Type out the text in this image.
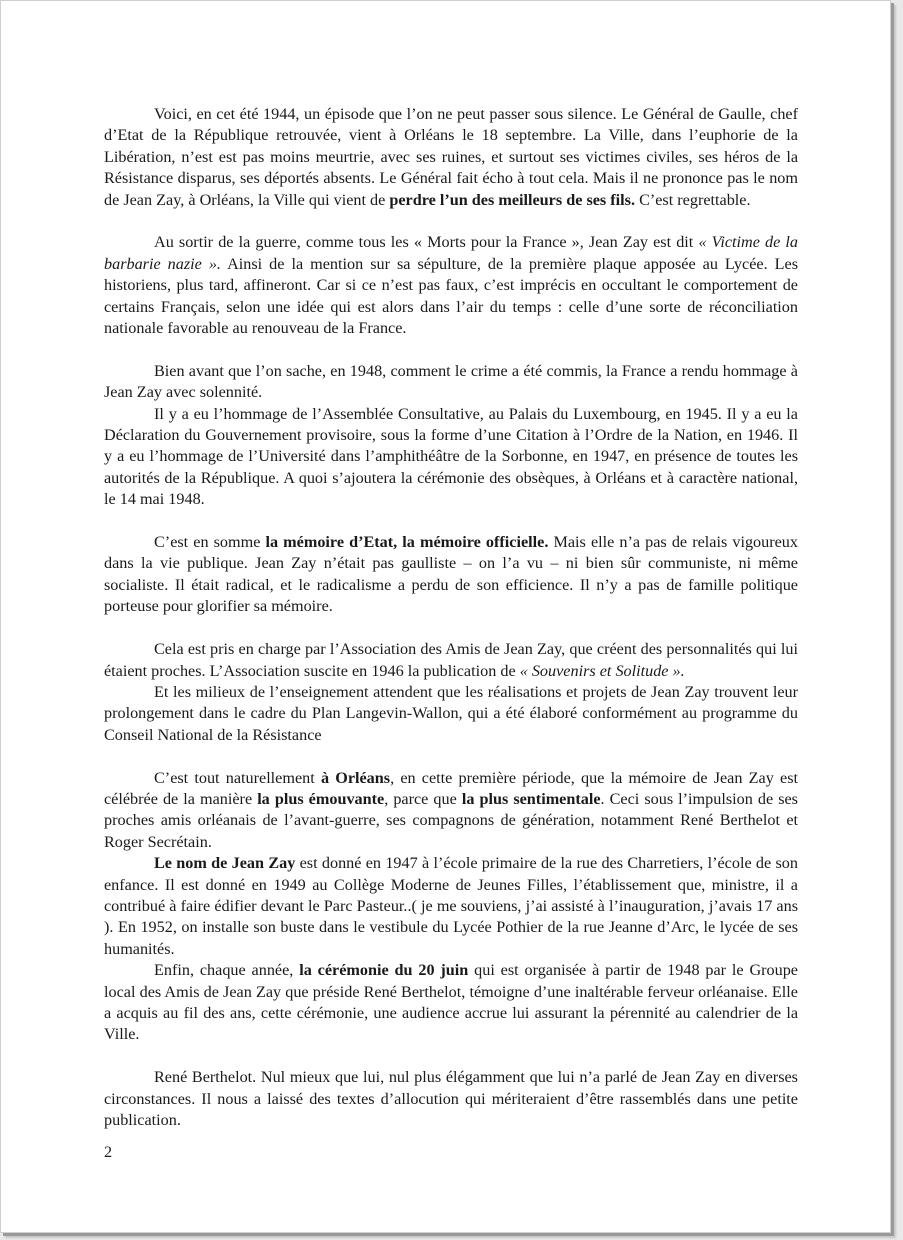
Voici, en cet été 1944, un épisode que l’on ne peut passer sous silence. Le Général de Gaulle, chef d’Etat de la République retrouvée, vient à Orléans le 18 septembre. La Ville, dans l’euphorie de la Libération, n’est est pas moins meurtrie, avec ses ruines, et surtout ses victimes civiles, ses héros de la Résistance disparus, ses déportés absents. Le Général fait écho à tout cela. Mais il ne prononce pas le nom de Jean Zay, à Orléans, la Ville qui vient de perdre l’un des meilleurs de ses fils. C’est regrettable.

Au sortir de la guerre, comme tous les « Morts pour la France », Jean Zay est dit « Victime de la barbarie nazie ». Ainsi de la mention sur sa sépulture, de la première plaque apposée au Lycée. Les historiens, plus tard, affineront. Car si ce n’est pas faux, c’est imprécis en occultant le comportement de certains Français, selon une idée qui est alors dans l’air du temps : celle d’une sorte de réconciliation nationale favorable au renouveau de la France.

Bien avant que l’on sache, en 1948, comment le crime a été commis, la France a rendu hommage à Jean Zay avec solennité.

Il y a eu l’hommage de l’Assemblée Consultative, au Palais du Luxembourg, en 1945. Il y a eu la Déclaration du Gouvernement provisoire, sous la forme d’une Citation à l’Ordre de la Nation, en 1946. Il y a eu l’hommage de l’Université dans l’amphithéâtre de la Sorbonne, en 1947, en présence de toutes les autorités de la République. A quoi s’ajoutera la cérémonie des obsèques, à Orléans et à caractère national, le 14 mai 1948.

C’est en somme la mémoire d’Etat, la mémoire officielle. Mais elle n’a pas de relais vigoureux dans la vie publique. Jean Zay n’était pas gaulliste – on l’a vu – ni bien sûr communiste, ni même socialiste. Il était radical, et le radicalisme a perdu de son efficience. Il n’y a pas de famille politique porteuse pour glorifier sa mémoire.

Cela est pris en charge par l’Association des Amis de Jean Zay, que créent des personnalités qui lui étaient proches. L’Association suscite en 1946 la publication de « Souvenirs et Solitude ».

Et les milieux de l’enseignement attendent que les réalisations et projets de Jean Zay trouvent leur prolongement dans le cadre du Plan Langevin-Wallon, qui a été élaboré conformément au programme du Conseil National de la Résistance

C’est tout naturellement à Orléans, en cette première période, que la mémoire de Jean Zay est célébrée de la manière la plus émouvante, parce que la plus sentimentale. Ceci sous l’impulsion de ses proches amis orléanais de l’avant-guerre, ses compagnons de génération, notamment René Berthelot et Roger Secrétain.

Le nom de Jean Zay est donné en 1947 à l’école primaire de la rue des Charretiers, l’école de son enfance. Il est donné en 1949 au Collège Moderne de Jeunes Filles, l’établissement que, ministre, il a contribué à faire édifier devant le Parc Pasteur..( je me souviens, j’ai assisté à l’inauguration, j’avais 17 ans ). En 1952, on installe son buste dans le vestibule du Lycée Pothier de la rue Jeanne d’Arc, le lycée de ses humanités.

Enfin, chaque année, la cérémonie du 20 juin qui est organisée à partir de 1948 par le Groupe local des Amis de Jean Zay que préside René Berthelot, témoigne d’une inaltérable ferveur orléanaise. Elle a acquis au fil des ans, cette cérémonie, une audience accrue lui assurant la pérennité au calendrier de la Ville.

René Berthelot. Nul mieux que lui, nul plus élégamment que lui n’a parlé de Jean Zay en diverses circonstances. Il nous a laissé des textes d’allocution qui mériteraient d’être rassemblés dans une petite publication.

2
